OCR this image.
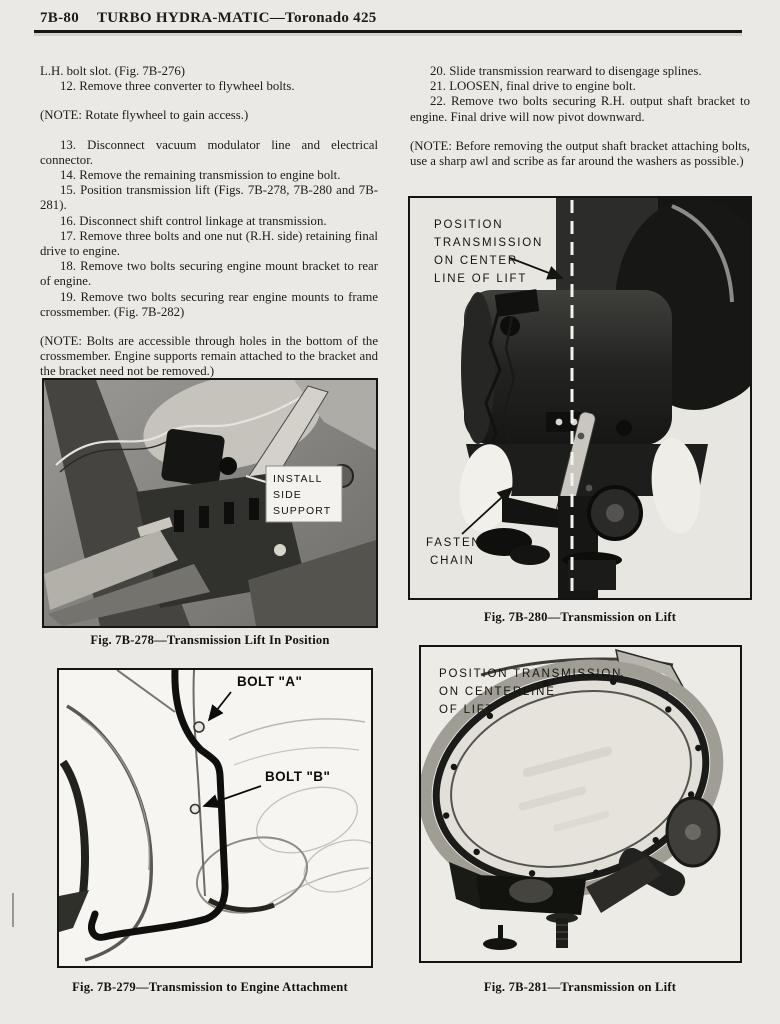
7B-80 TURBO HYDRA-MATIC—Toronado 425

L.H. bolt slot. (Fig. 7B-276)

12. Remove three converter to flywheel bolts.

(NOTE: Rotate flywheel to gain access.)

13. Disconnect vacuum modulator line and electrical connector.

14. Remove the remaining transmission to engine bolt.

15. Position transmission lift (Figs. 7B-278, 7B-280 and 7B-281).

16. Disconnect shift control linkage at transmission.

17. Remove three bolts and one nut (R.H. side) retaining final drive to engine.

18. Remove two bolts securing engine mount bracket to rear of engine.

19. Remove two bolts securing rear engine mounts to frame crossmember. (Fig. 7B-282)

(NOTE: Bolts are accessible through holes in the bottom of the crossmember. Engine supports remain attached to the bracket and the bracket need not be removed.)

20. Slide transmission rearward to disengage splines.

21. LOOSEN, final drive to engine bolt.

22. Remove two bolts securing R.H. output shaft bracket to engine. Final drive will now pivot downward.

(NOTE: Before removing the output shaft bracket attaching bolts, use a sharp awl and scribe as far around the washers as possible.)

INSTALL
SIDE
SUPPORT
Fig. 7B-278—Transmission Lift In Position
POSITION
TRANSMISSION
ON CENTER
LINE OF LIFT
FASTEN
CHAIN
Fig. 7B-280—Transmission on Lift
BOLT "A"
BOLT "B"
Fig. 7B-279—Transmission to Engine Attachment
POSITION TRANSMISSION
ON CENTERLINE
OF LIFT
Fig. 7B-281—Transmission on Lift
